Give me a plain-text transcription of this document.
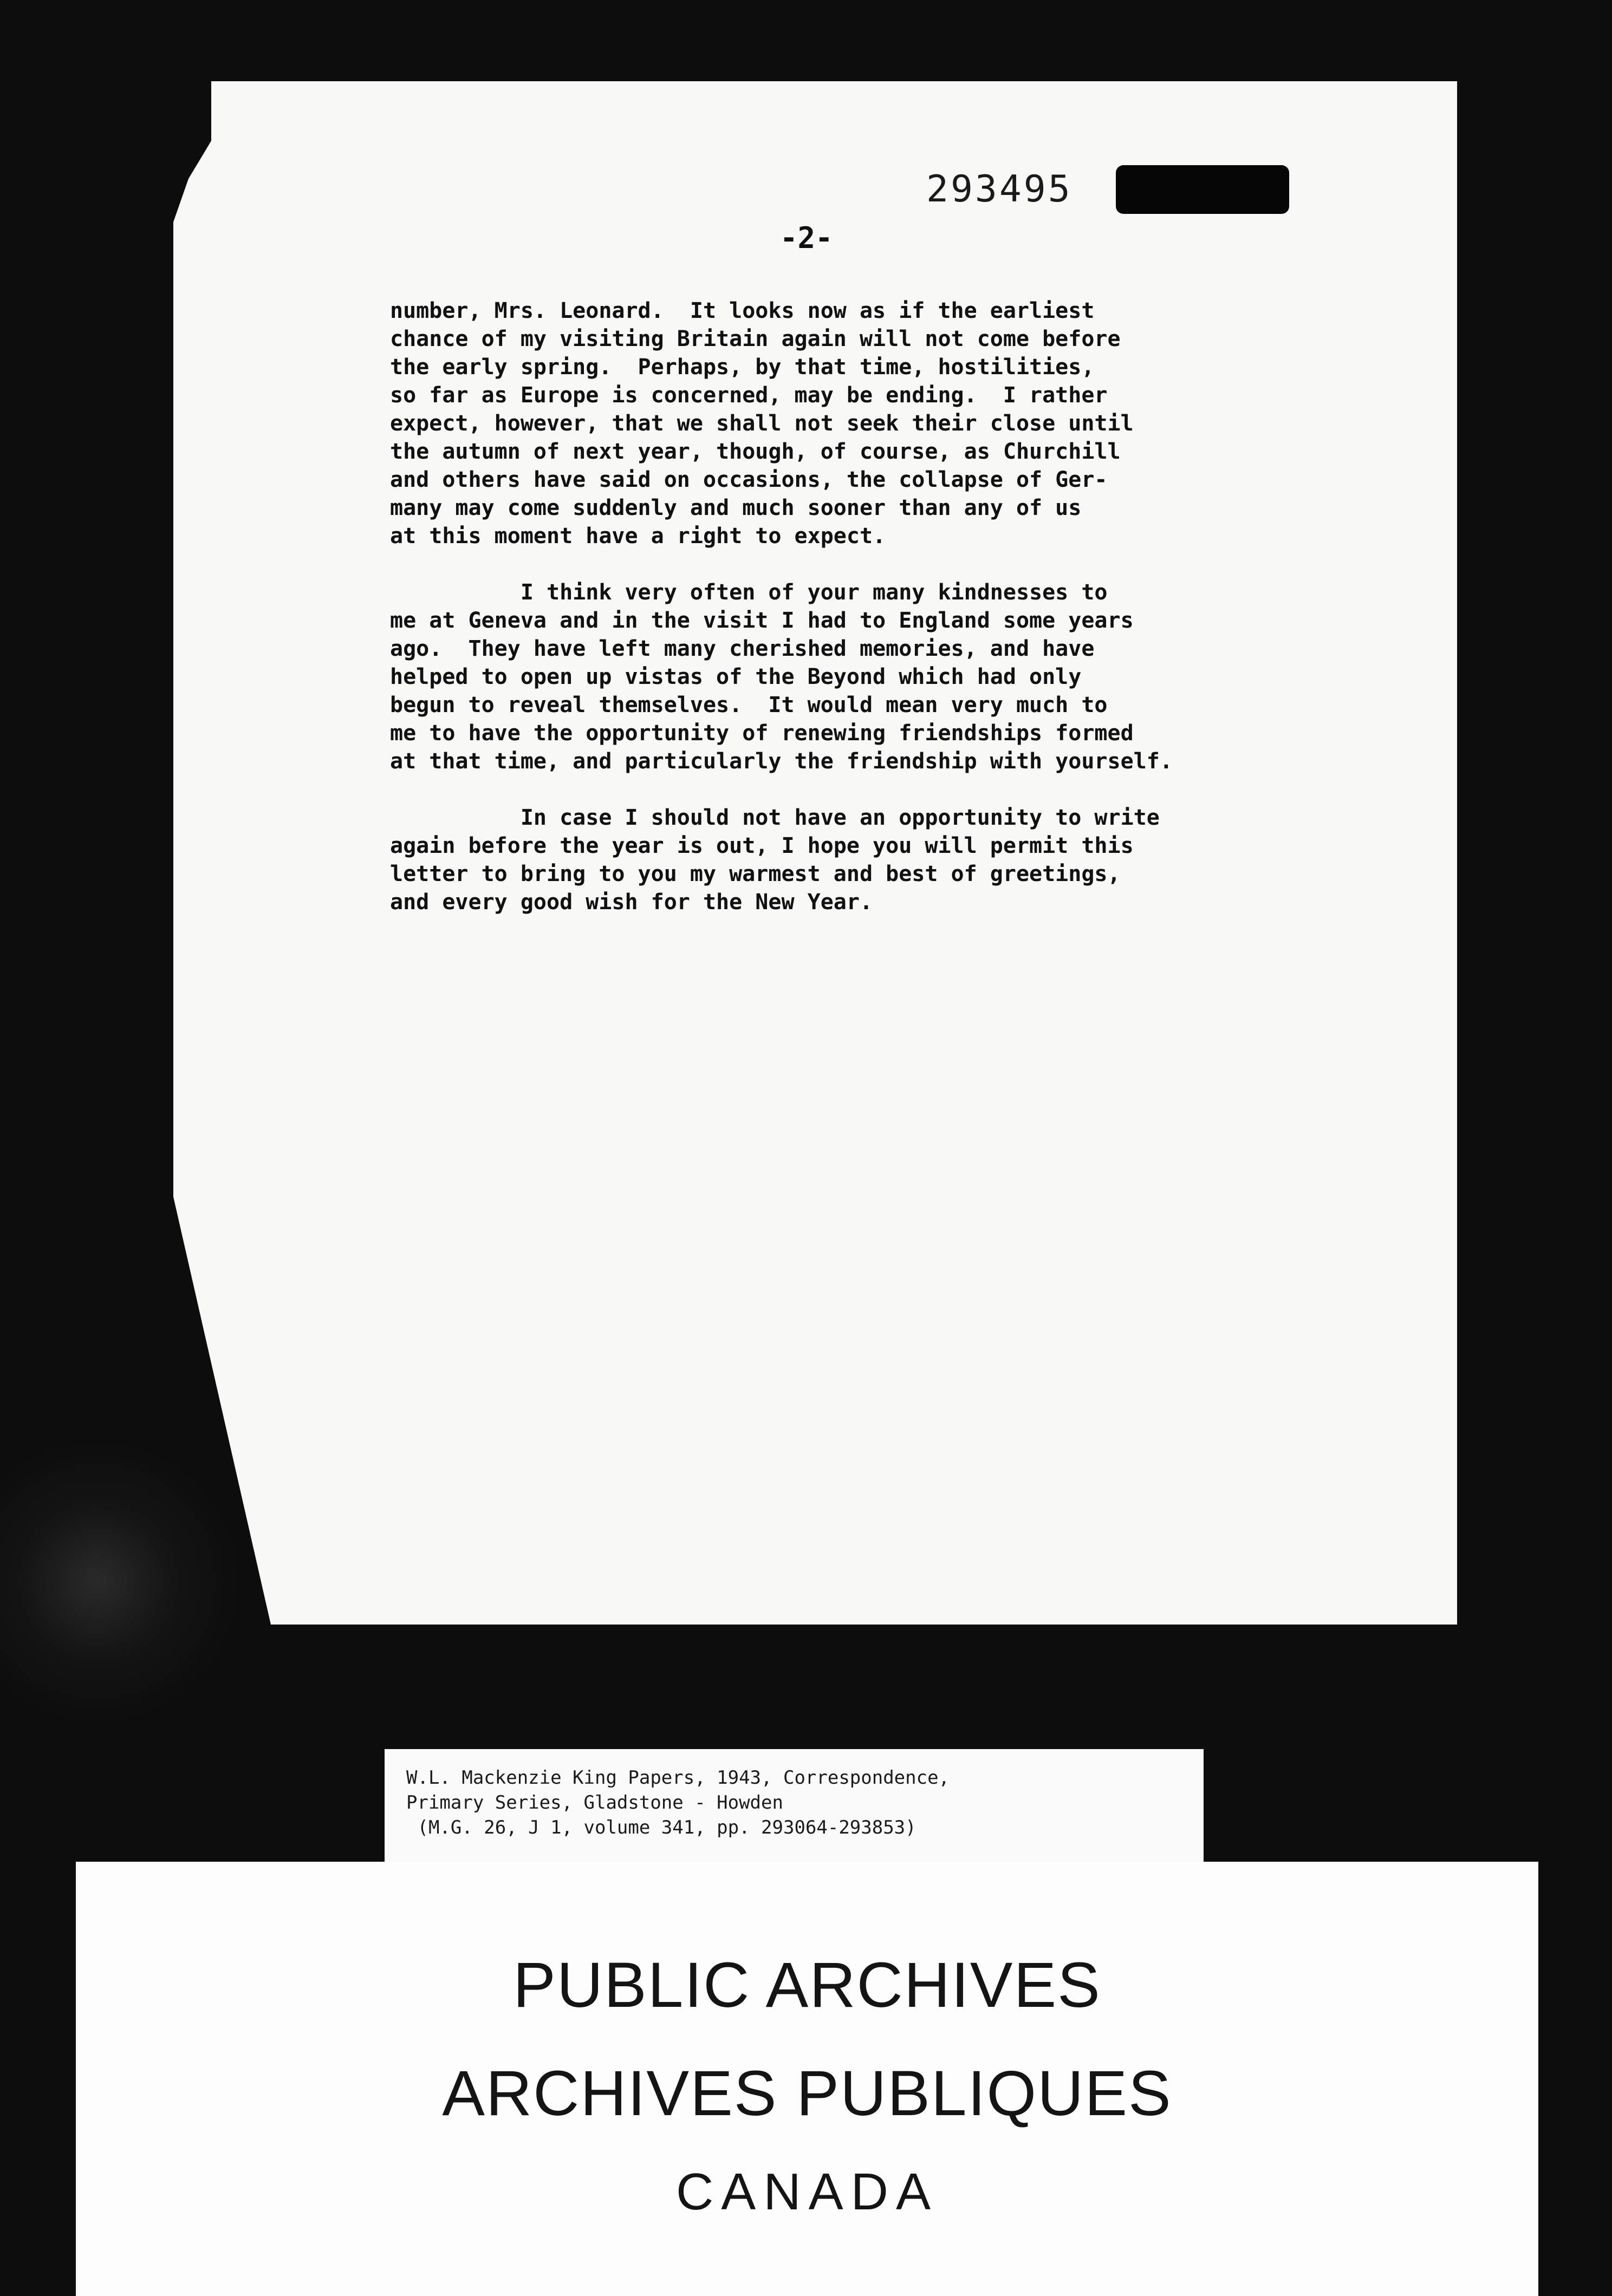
293495
-2-
number, Mrs. Leonard.  It looks now as if the earliest
chance of my visiting Britain again will not come before
the early spring.  Perhaps, by that time, hostilities,
so far as Europe is concerned, may be ending.  I rather
expect, however, that we shall not seek their close until
the autumn of next year, though, of course, as Churchill
and others have said on occasions, the collapse of Ger-
many may come suddenly and much sooner than any of us
at this moment have a right to expect.
I think very often of your many kindnesses to
me at Geneva and in the visit I had to England some years
ago.  They have left many cherished memories, and have
helped to open up vistas of the Beyond which had only
begun to reveal themselves.  It would mean very much to
me to have the opportunity of renewing friendships formed
at that time, and particularly the friendship with yourself.
In case I should not have an opportunity to write
again before the year is out, I hope you will permit this
letter to bring to you my warmest and best of greetings,
and every good wish for the New Year.
W.L. Mackenzie King Papers, 1943, Correspondence,
Primary Series, Gladstone - Howden
(M.G. 26, J 1, volume 341, pp. 293064-293853)
PUBLIC ARCHIVES
ARCHIVES PUBLIQUES
CANADA
